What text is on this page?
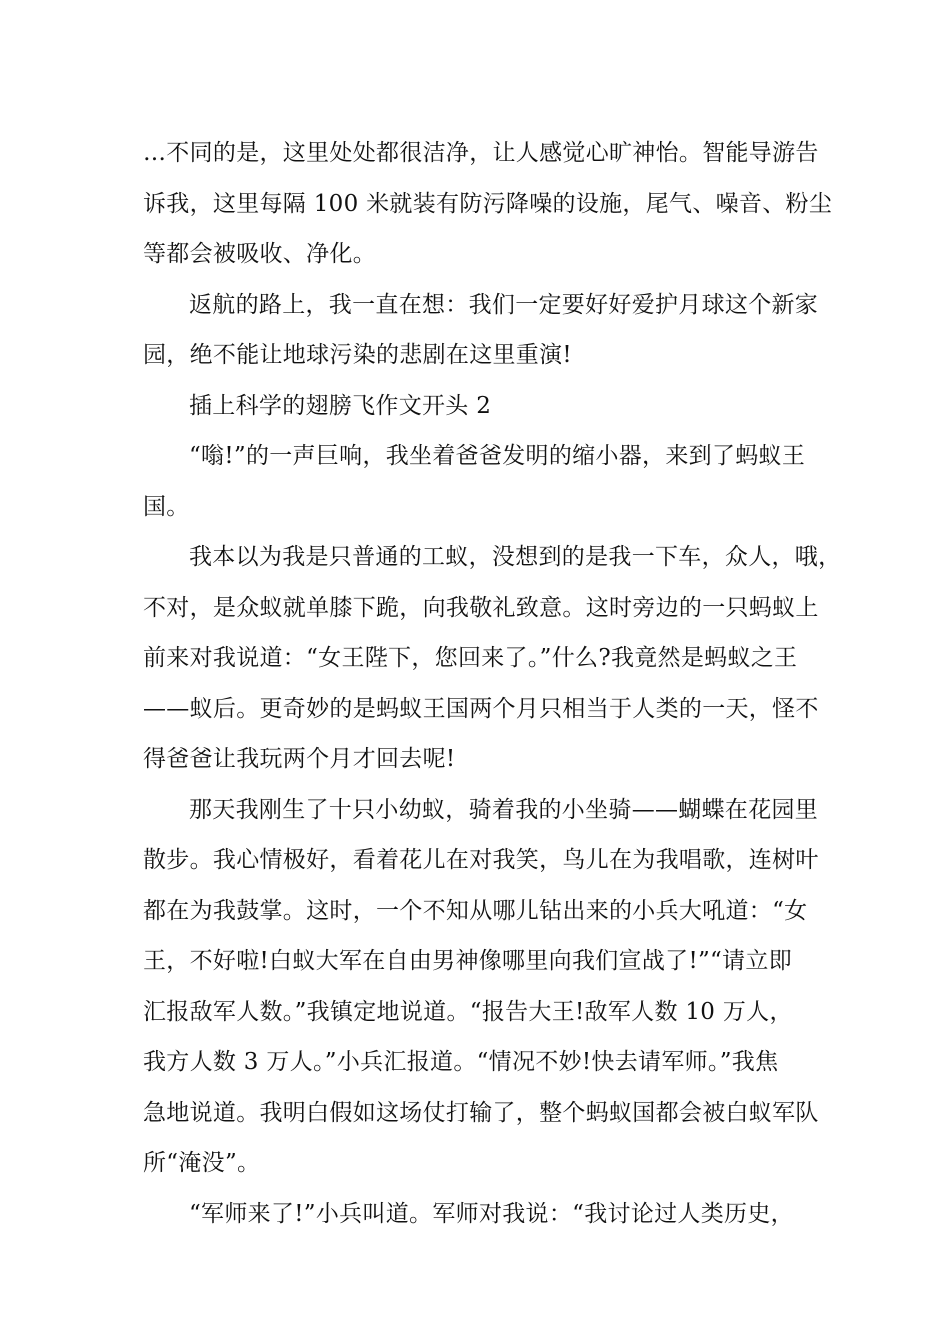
…不同的是，这里处处都很洁净，让人感觉心旷神怡。智能导游告
诉我，这里每隔 100 米就装有防污降噪的设施，尾气、噪音、粉尘
等都会被吸收、净化。
返航的路上，我一直在想：我们一定要好好爱护月球这个新家
园，绝不能让地球污染的悲剧在这里重演!
插上科学的翅膀飞作文开头 2
“嗡!”的一声巨响，我坐着爸爸发明的缩小器，来到了蚂蚁王
国。
我本以为我是只普通的工蚁，没想到的是我一下车，众人，哦，
不对，是众蚁就单膝下跪，向我敬礼致意。这时旁边的一只蚂蚁上
前来对我说道：“女王陛下，您回来了。”什么?我竟然是蚂蚁之王
——蚁后。更奇妙的是蚂蚁王国两个月只相当于人类的一天，怪不
得爸爸让我玩两个月才回去呢!
那天我刚生了十只小幼蚁，骑着我的小坐骑——蝴蝶在花园里
散步。我心情极好，看着花儿在对我笑，鸟儿在为我唱歌，连树叶
都在为我鼓掌。这时，一个不知从哪儿钻出来的小兵大吼道：“女
王，不好啦!白蚁大军在自由男神像哪里向我们宣战了!”“请立即
汇报敌军人数。”我镇定地说道。“报告大王!敌军人数 10 万人，
我方人数 3 万人。”小兵汇报道。“情况不妙!快去请军师。”我焦
急地说道。我明白假如这场仗打输了，整个蚂蚁国都会被白蚁军队
所“淹没”。
“军师来了!”小兵叫道。军师对我说：“我讨论过人类历史，
